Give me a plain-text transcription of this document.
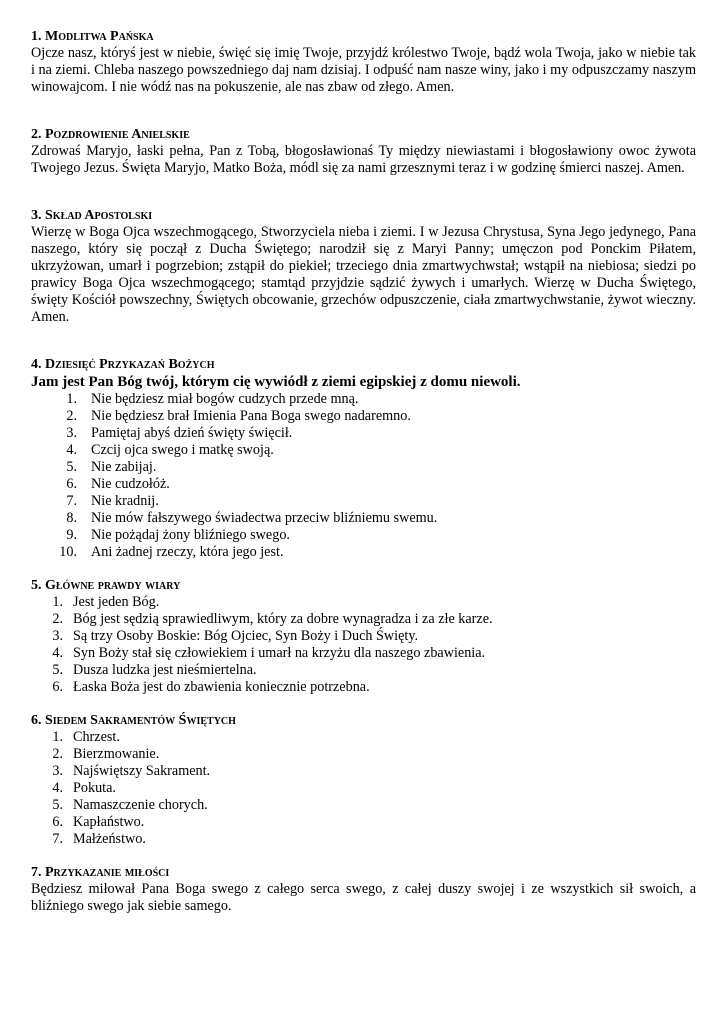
1. Modlitwa Pańska

Ojcze nasz, któryś jest w niebie, święć się imię Twoje, przyjdź królestwo Twoje, bądź wola Twoja, jako w niebie tak i na ziemi. Chleba naszego powszedniego daj nam dzisiaj. I odpuść nam nasze winy, jako i my odpuszczamy naszym winowajcom. I nie wódź nas na pokuszenie, ale nas zbaw od złego. Amen.

2. Pozdrowienie Anielskie

Zdrowaś Maryjo, łaski pełna, Pan z Tobą, błogosławionaś Ty między niewiastami i błogosławiony owoc żywota Twojego Jezus. Święta Maryjo, Matko Boża, módl się za nami grzesznymi teraz i w godzinę śmierci naszej. Amen.

3. Skład Apostolski

Wierzę w Boga Ojca wszechmogącego, Stworzyciela nieba i ziemi. I w Jezusa Chrystusa, Syna Jego jedynego, Pana naszego, który się począł z Ducha Świętego; narodził się z Maryi Panny; umęczon pod Ponckim Piłatem, ukrzyżowan, umarł i pogrzebion; zstąpił do piekieł; trzeciego dnia zmartwychwstał; wstąpił na niebiosa; siedzi po prawicy Boga Ojca wszechmogącego; stamtąd przyjdzie sądzić żywych i umarłych. Wierzę w Ducha Świętego, święty Kościół powszechny, Świętych obcowanie, grzechów odpuszczenie, ciała zmartwychwstanie, żywot wieczny. Amen.

4. Dziesięć Przykazań Bożych

Jam jest Pan Bóg twój, którym cię wywiódł z ziemi egipskiej z domu niewoli.

1. Nie będziesz miał bogów cudzych przede mną.
2. Nie będziesz brał Imienia Pana Boga swego nadaremno.
3. Pamiętaj abyś dzień święty święcił.
4. Czcij ojca swego i matkę swoją.
5. Nie zabijaj.
6. Nie cudzołóż.
7. Nie kradnij.
8. Nie mów fałszywego świadectwa przeciw bliźniemu swemu.
9. Nie pożądaj żony bliźniego swego.
10. Ani żadnej rzeczy, która jego jest.

5. Główne prawdy wiary

1. Jest jeden Bóg.
2. Bóg jest sędzią sprawiedliwym, który za dobre wynagradza i za złe karze.
3. Są trzy Osoby Boskie: Bóg Ojciec, Syn Boży i Duch Święty.
4. Syn Boży stał się człowiekiem i umarł na krzyżu dla naszego zbawienia.
5. Dusza ludzka jest nieśmiertelna.
6. Łaska Boża jest do zbawienia koniecznie potrzebna.

6. Siedem Sakramentów Świętych

1. Chrzest.
2. Bierzmowanie.
3. Najświętszy Sakrament.
4. Pokuta.
5. Namaszczenie chorych.
6. Kapłaństwo.
7. Małżeństwo.

7. Przykazanie miłości

Będziesz miłował Pana Boga swego z całego serca swego, z całej duszy swojej i ze wszystkich sił swoich, a bliźniego swego jak siebie samego.
